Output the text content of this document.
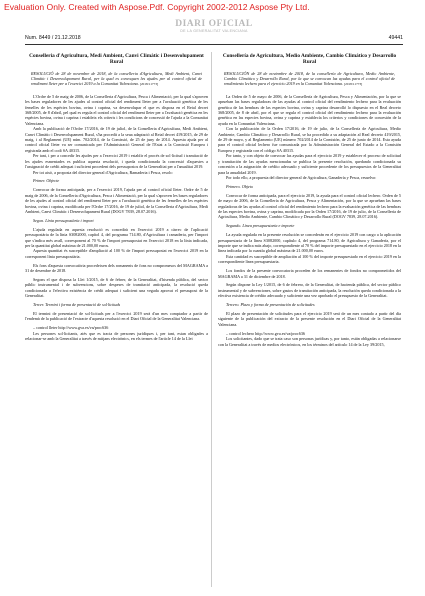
Evaluation Only. Created with Aspose.Pdf. Copyright 2002-2012 Aspose Pty Ltd.
Num. 8449 / 21.12.2018
DIARI OFICIAL
DE LA GENERALITAT VALENCIANA
49441
Conselleria d'Agricultura, Medi Ambient, Canvi Climàtic i Desenvolupament Rural
RESOLUCIÓ de 28 de novembre de 2018, de la conselleria d'Agricultura, Medi Ambient, Canvi Climàtic i Desenvolupament Rural, per la qual es convoquen les ajudes per al control oficial de rendiment lleter per a l'exercici 2019 a la Comunitat Valenciana. [2018/11773]

L'Ordre de 5 de maig de 2006, de la Conselleria d'Agricultura, Pesca i Alimentació, per la qual s'aproven les bases reguladores de les ajudes al control oficial del rendiment lleter per a l'avaluació genètica de les femelles de les espècies bovina, ovina i caprina, va desenvolupar el que es disposa en el Reial decret 368/2005, de 8 d'abril, pel qual es regula el control oficial del rendiment lleter per a l'avaluació genètica en les espècies bovina, ovina i caprina i estableix els criteris i les condicions de concessió de l'ajuda a la Comunitat Valenciana.

Amb la publicació de l'Ordre 17/2016, de 19 de juliol, de la Conselleria d'Agricultura, Medi Ambient, Canvi Climàtic i Desenvolupament Rural, s'ha procedit a la seua adaptació al Reial decret 419/2015, de 29 de maig, i al Reglament (UE) núm. 702/2014, de la Comissió, de 25 de juny de 2014. Aquesta ajuda per al control oficial lleter va ser comunicada per l'Administració General de l'Estat a la Comissió Europea i registrada amb el codi SA 40315.

Per tant, i per a concedir les ajudes per a l'exercici 2019 i establir el procés de sol·licitud i tramitació de les ajudes esmentades es publica aquesta resolució, i queda condicionada la concessió d'aquestes a l'assignació de crèdit adequat i suficient procedent dels pressupostos de la Generalitat per a l'anualitat 2019.

Per tot això, a proposta del director general d'Agricultura, Ramaderia i Pesca, resolc:

Primer. Objecte

Convocar de forma anticipada, per a l'exercici 2019, l'ajuda per al control oficial lleter. Ordre de 5 de maig de 2006, de la Conselleria d'Agricultura, Pesca i Alimentació, per la qual s'aproven les bases reguladores de les ajudes al control oficial del rendiment lleter per a l'avaluació genètica de les femelles de les espècies bovina, ovina i caprina, modificada per l'Ordre 17/2016, de 19 de juliol, de la Conselleria d'Agricultura, Medi Ambient, Canvi Climàtic i Desenvolupament Rural (DOGV 7839, 28.07.2016).

Segon. Línia pressupostària i import

L'ajuda regulada en aquesta resolució es concedirà en l'exercici 2019 a càrrec de l'aplicació pressupostària de la línia S3082000, capítol 4, del programa 714.80, d'Agricultura i ramaderia, per l'import que s'indica més avall, corresponent al 70 % de l'import pressupostat en l'exercici 2018 en la línia indicada, per la quantitat global màxima de 21.000,00 euros.

Aquesta quantitat és susceptible d'ampliació al 100 % de l'import pressupostat en l'exercici 2019 en la corresponent línia pressupostària.

Els fons d'aquesta convocatòria procedeixen dels romanents de fons no compromesos del MAGRAMA a 31 de desembre de 2018.

Segons el que disposa la Llei 1/2015, de 6 de febrer, de la Generalitat, d'hisenda pública, del sector públic instrumental i de subvencions, sobre despeses de tramitació anticipada, la resolució queda condicionada a l'efectiva existència de crèdit adequat i suficient una vegada aprovat el pressupost de la Generalitat.

Tercer. Termini i forma de presentació de sol·licituds

El termini de presentació de sol·licituds per a l'exercici 2019 serà d'un mes comptador a partir de l'endemà de la publicació de l'extracte d'aquesta resolució en el Diari Oficial de la Generalitat Valenciana.

– control lleter http://www.gva.es/va/proc636

Les persones sol·licitants, atés que es tracta de persones jurídiques i, per tant, estan obligades a relacionar-se amb la Generalitat a través de mitjans electrònics, en els termes de l'article 14 de la Llei

Consellería de Agricultura, Medio Ambiente, Cambio Climático y Desarrollo Rural
RESOLUCIÓN de 28 de noviembre de 2018, de la consellería de Agricultura, Medio Ambiente, Cambio Climático y Desarrollo Rural, por la que se convocan las ayudas para el control oficial de rendimiento lechero para el ejercicio 2019 en la Comunitat Valenciana. [2018/11773]

La Orden de 5 de mayo de 2006, de la Consellería de Agricultura, Pesca y Alimentación, por la que se aprueban las bases reguladoras de las ayudas al control oficial del rendimiento lechero para la evaluación genética de las hembras de las especies bovina, ovina y caprina desarrolló lo dispuesto en el Real decreto 368/2005, de 8 de abril, por el que se regula el control oficial del rendimiento lechero para la evaluación genética en las especies bovina, ovina y caprina y establecía los criterios y condiciones de concesión de la ayuda en la Comunitat Valenciana.

Con la publicación de la Orden 17/2016, de 19 de julio, de la Consellería de Agricultura, Medio Ambiente, Cambio Climático y Desarrollo Rural, se ha procedido a su adaptación al Real decreto 419/2015, de 29 de mayo, y al Reglamento (UE) número 702/2014 de la Comisión, de 25 de junio de 2014. Esta ayuda para el control oficial lechero fue comunicada por la Administración General del Estado a la Comisión Europea y registrada con el código SA 40315.

Por tanto, y con objeto de convocar las ayudas para el ejercicio 2019 y establecer el proceso de solicitud y tramitación de las ayudas mencionadas se publica la presente resolución, quedando condicionada su concesión a la asignación de crédito adecuado y suficiente procedente de los presupuestos de la Generalitat para la anualidad 2019.

Por todo ello, a propuesta del director general de Agricultura, Ganadería y Pesca, resuelvo:

Primero. Objeto

Convocar de forma anticipada, para el ejercicio 2019, la ayuda para el control oficial lechero. Orden de 5 de mayo de 2006, de la Consellería de Agricultura, Pesca y Alimentación, por la que se aprueban las bases reguladoras de las ayudas al control oficial del rendimiento lechero para la evaluación genética de las hembras de las especies bovina, ovina y caprina, modificada por la Orden 17/2016, de 19 de julio, de la Consellería de Agricultura, Medio Ambiente, Cambio Climático y Desarrollo Rural (DOGV 7839, 28.07.2016).

Segundo. Línea presupuestaria e importe

La ayuda regulada en la presente resolución se concederán en el ejercicio 2019 con cargo a la aplicación presupuestaria de la línea S3082000, capítulo 4, del programa 714.80, de Agricultura y Ganadería, por el importe que se indica más abajo, correspondiente al 70 % del importe presupuestado en el ejercicio 2018 en la línea indicada por la cuantía global máxima de 21.000,00 euros.

Esta cantidad es susceptible de ampliación al 100 % del importe presupuestado en el ejercicio 2019 en la correspondiente línea presupuestaria.

Los fondos de la presente convocatoria proceden de los remanentes de fondos no comprometidos del MAGRAMA a 31 de diciembre de 2018.

Según dispone la Ley 1/2015, de 6 de febrero, de la Generalitat, de hacienda pública, del sector público instrumental y de subvenciones, sobre gastos de tramitación anticipada, la resolución queda condicionada a la efectiva existencia de crédito adecuado y suficiente una vez aprobado el presupuesto de la Generalitat.

Tercero. Plazo y forma de presentación de solicitudes

El plazo de presentación de solicitudes para el ejercicio 2019 será de un mes contado a partir del día siguiente de la publicación del extracto de la presente resolución en el Diari Oficial de la Generalitat Valenciana.

– control lechero http://www.gva.es/va/proc636

Los solicitantes, dado que se trata caso son personas jurídicas y, por tanto, están obligadas a relacionarse con la Generalitat a través de medios electrónicos, en los términos del artículo 14 de la Ley 39/2015,
